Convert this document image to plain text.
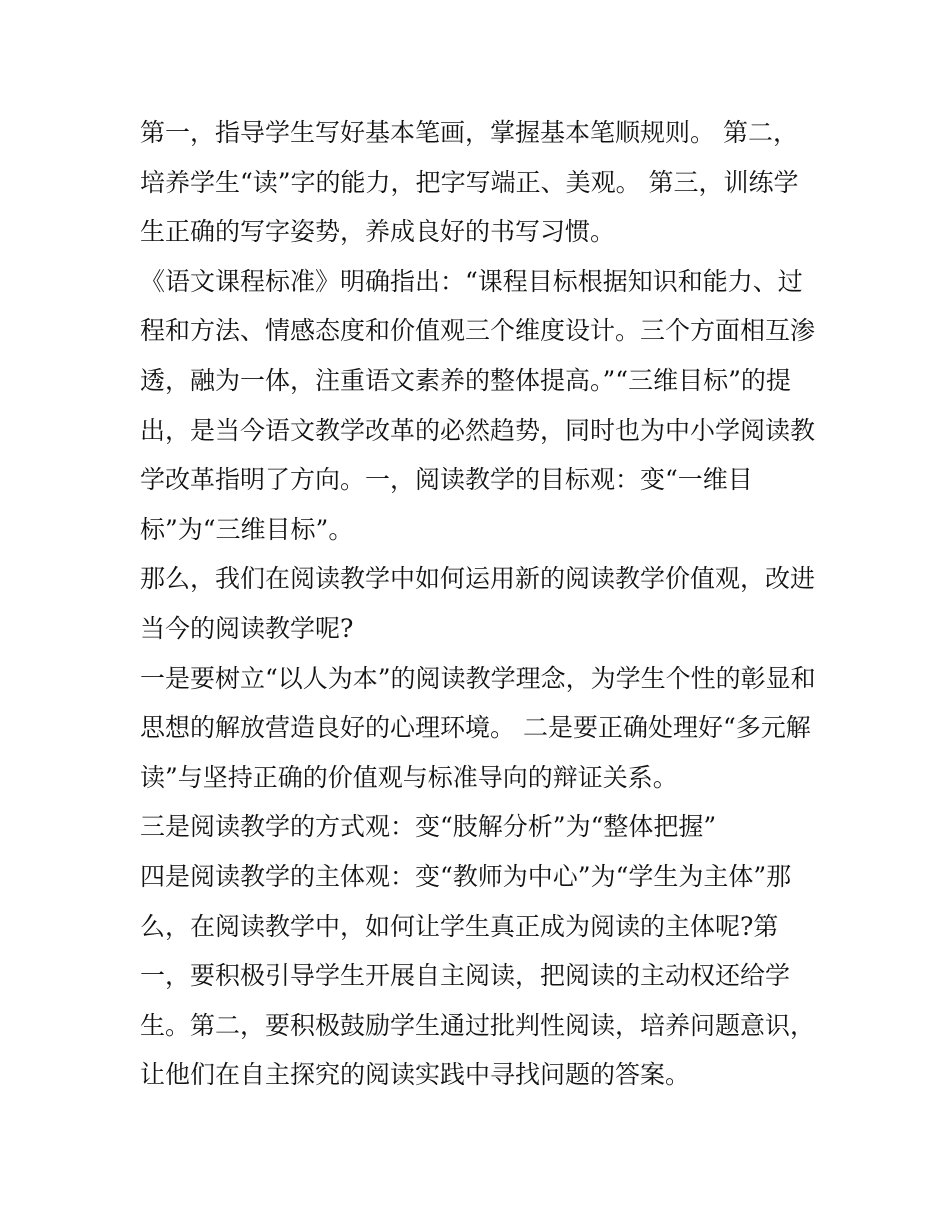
第一，指导学生写好基本笔画，掌握基本笔顺规则。 第二，
培养学生“读”字的能力，把字写端正、美观。 第三，训练学
生正确的写字姿势，养成良好的书写习惯。
《语文课程标准》明确指出：“课程目标根据知识和能力、过
程和方法、情感态度和价值观三个维度设计。三个方面相互渗
透，融为一体，注重语文素养的整体提高。”“三维目标”的提
出，是当今语文教学改革的必然趋势，同时也为中小学阅读教
学改革指明了方向。一，阅读教学的目标观：变“一维目
标”为“三维目标”。
那么，我们在阅读教学中如何运用新的阅读教学价值观，改进
当今的阅读教学呢?
一是要树立“以人为本”的阅读教学理念，为学生个性的彰显和
思想的解放营造良好的心理环境。 二是要正确处理好“多元解
读”与坚持正确的价值观与标准导向的辩证关系。
三是阅读教学的方式观：变“肢解分析”为“整体把握”
四是阅读教学的主体观：变“教师为中心”为“学生为主体”那
么，在阅读教学中，如何让学生真正成为阅读的主体呢?第
一，要积极引导学生开展自主阅读，把阅读的主动权还给学
生。第二，要积极鼓励学生通过批判性阅读，培养问题意识，
让他们在自主探究的阅读实践中寻找问题的答案。
